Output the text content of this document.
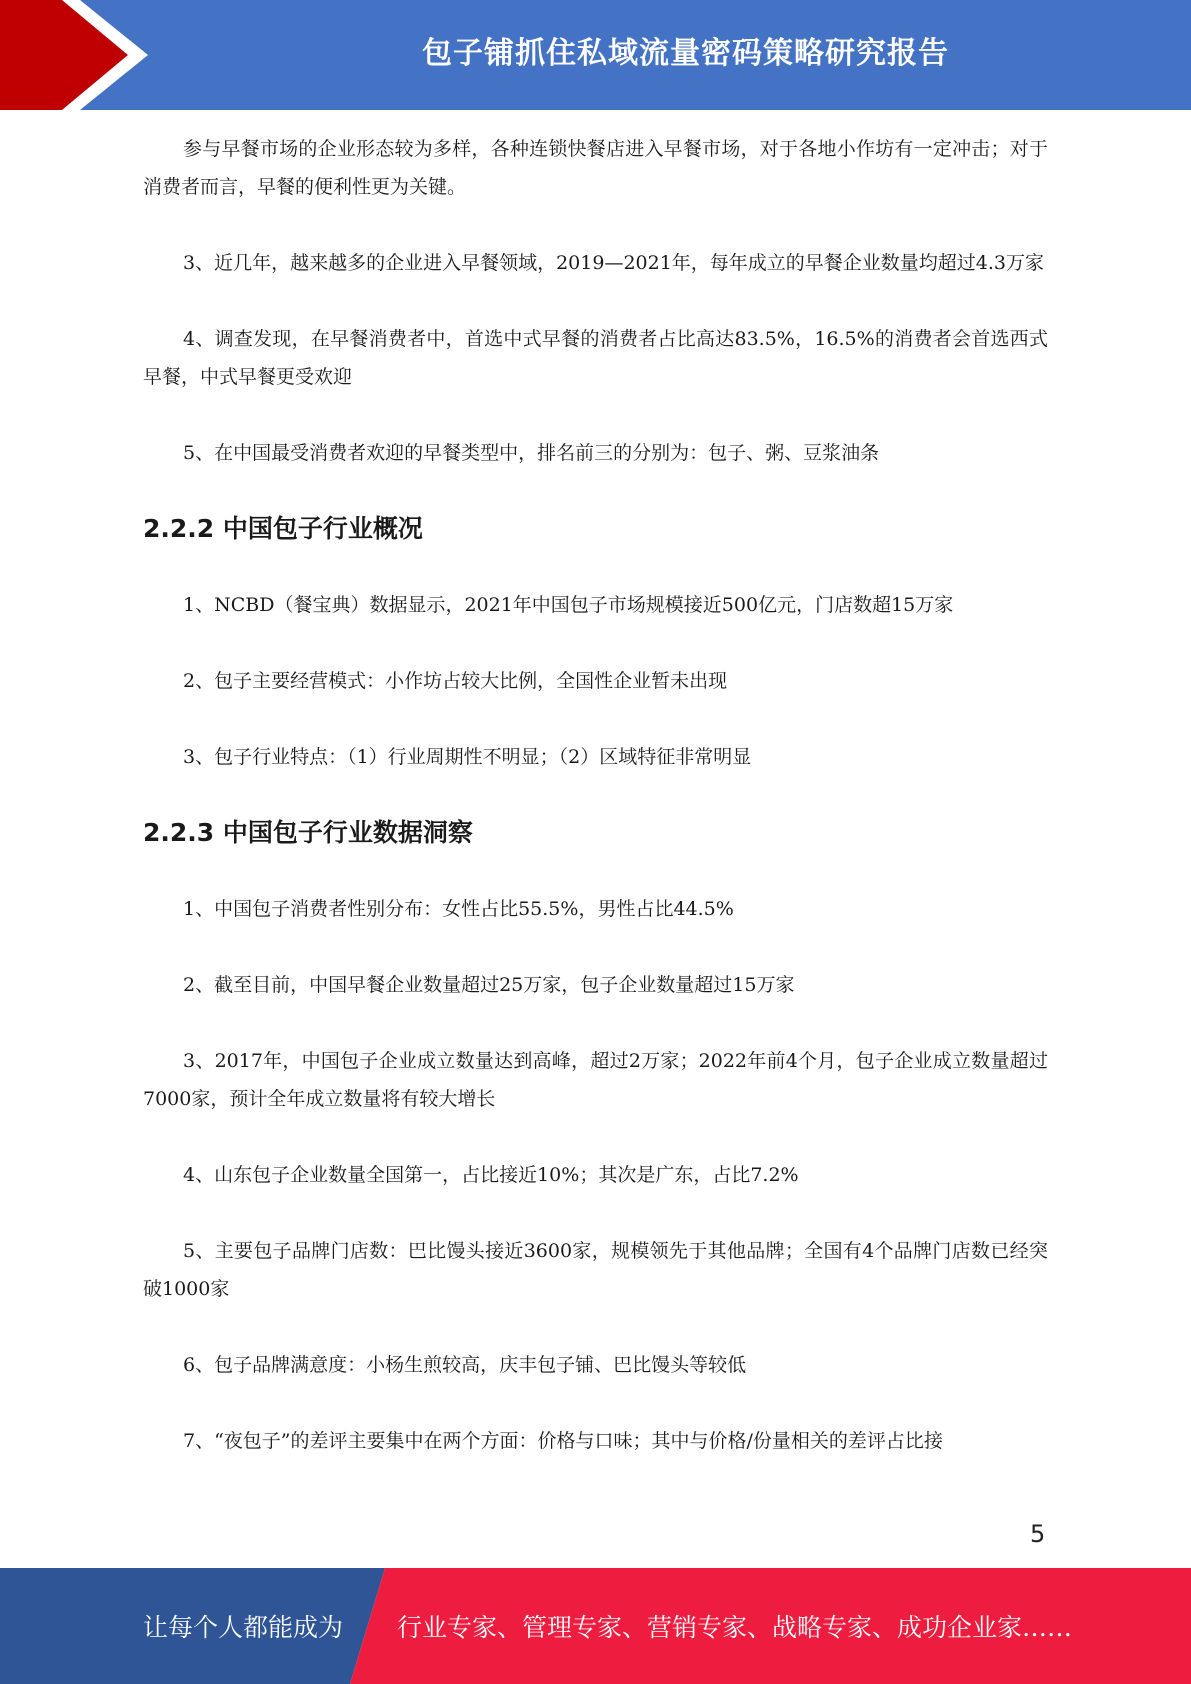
包子铺抓住私域流量密码策略研究报告

参与早餐市场的企业形态较为多样，各种连锁快餐店进入早餐市场，对于各地小作坊有一定冲击；对于消费者而言，早餐的便利性更为关键。

3、近几年，越来越多的企业进入早餐领域，2019—2021年，每年成立的早餐企业数量均超过4.3万家

4、调查发现，在早餐消费者中，首选中式早餐的消费者占比高达83.5%，16.5%的消费者会首选西式早餐，中式早餐更受欢迎

5、在中国最受消费者欢迎的早餐类型中，排名前三的分别为：包子、粥、豆浆油条

2.2.2 中国包子行业概况

1、NCBD（餐宝典）数据显示，2021年中国包子市场规模接近500亿元，门店数超15万家

2、包子主要经营模式：小作坊占较大比例，全国性企业暂未出现

3、包子行业特点：（1）行业周期性不明显；（2）区域特征非常明显

2.2.3 中国包子行业数据洞察

1、中国包子消费者性别分布：女性占比55.5%，男性占比44.5%

2、截至目前，中国早餐企业数量超过25万家，包子企业数量超过15万家

3、2017年，中国包子企业成立数量达到高峰，超过2万家；2022年前4个月，包子企业成立数量超过7000家，预计全年成立数量将有较大增长

4、山东包子企业数量全国第一，占比接近10%；其次是广东，占比7.2%

5、主要包子品牌门店数：巴比馒头接近3600家，规模领先于其他品牌；全国有4个品牌门店数已经突破1000家

6、包子品牌满意度：小杨生煎较高，庆丰包子铺、巴比馒头等较低

7、“夜包子”的差评主要集中在两个方面：价格与口味；其中与价格/份量相关的差评占比接

5
让每个人都能成为 行业专家、管理专家、营销专家、战略专家、成功企业家……
